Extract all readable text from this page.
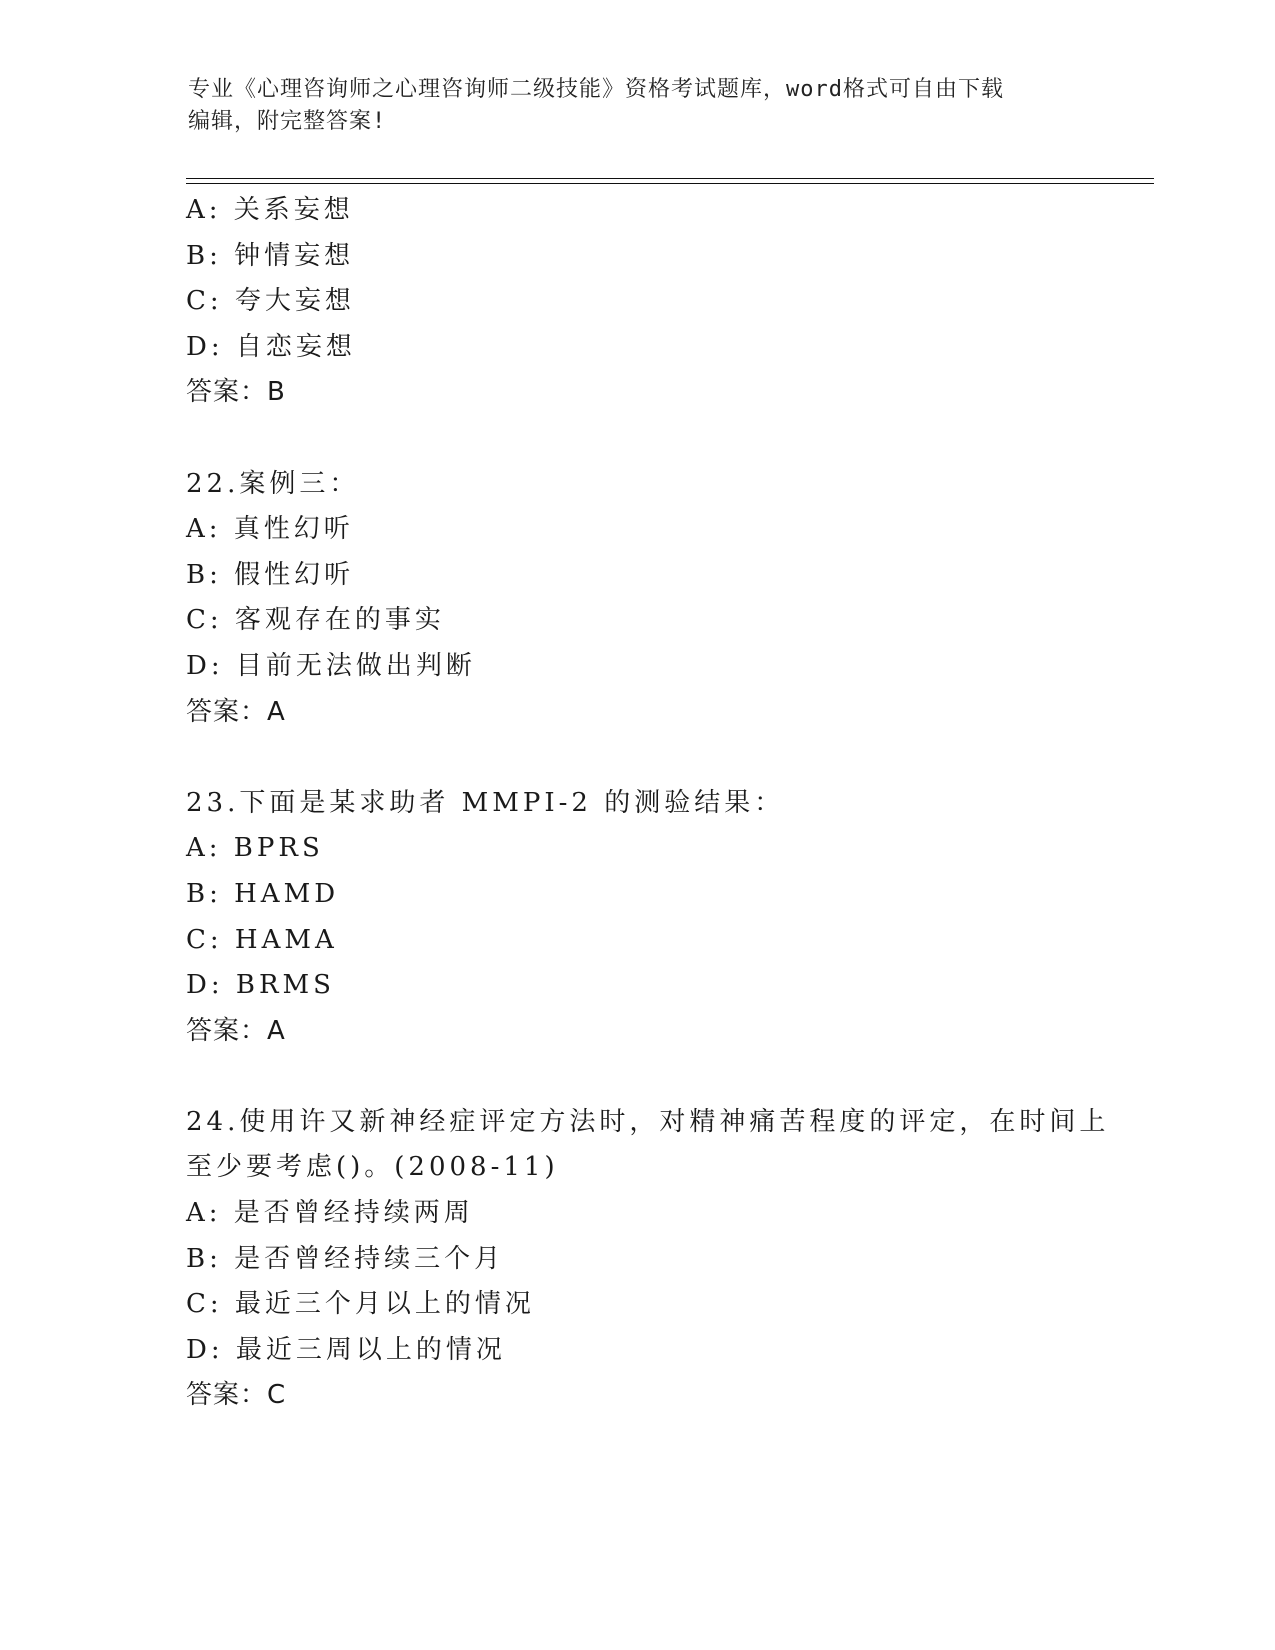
专业《心理咨询师之心理咨询师二级技能》资格考试题库，word格式可自由下载
编辑，附完整答案!
A: 关系妄想
B: 钟情妄想
C: 夸大妄想
D: 自恋妄想
答案：B
22.案例三：
A: 真性幻听
B: 假性幻听
C: 客观存在的事实
D: 目前无法做出判断
答案：A
23.下面是某求助者 MMPI-2 的测验结果：
A: BPRS
B: HAMD
C: HAMA
D: BRMS
答案：A
24.使用许又新神经症评定方法时，对精神痛苦程度的评定，在时间上
至少要考虑()。(2008-11)
A: 是否曾经持续两周
B: 是否曾经持续三个月
C: 最近三个月以上的情况
D: 最近三周以上的情况
答案：C
